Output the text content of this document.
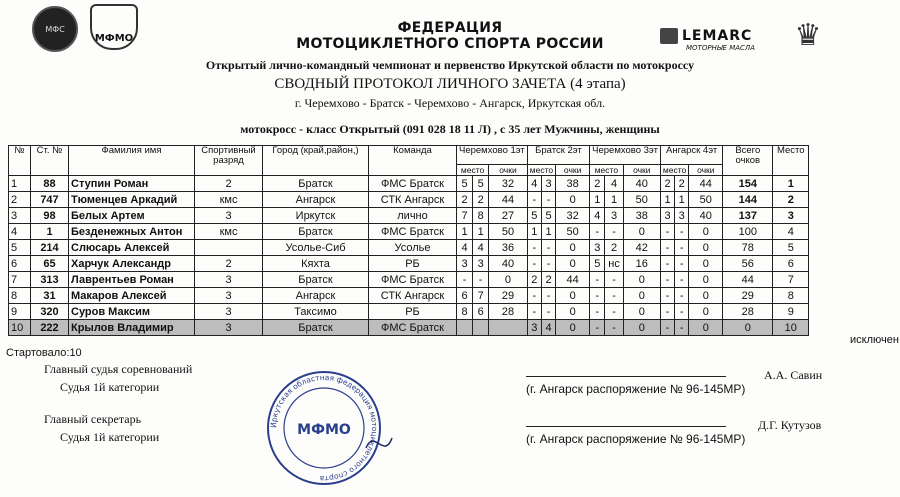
МФС
МФМО
ФЕДЕРАЦИЯ
МОТОЦИКЛЕТНОГО СПОРТА РОССИИ	LEMARC
МОТОРНЫЕ МАСЛА ♛
Открытый лично-командный чемпионат и первенство Иркутской области по мотокроссу
СВОДНЫЙ ПРОТОКОЛ ЛИЧНОГО ЗАЧЕТА (4 этапа)
г. Черемхово - Братск - Черемхово - Ангарск, Иркутская обл.
мотокросс - класс Открытый (091 028 18 11 Л) , с 35 лет Мужчины, женщины
№	Ст. №	Фамилия имя	Спортивный разряд	Город (край,район,)	Команда	Черемхово 1эт			Братск 2эт			Черемхово 3эт			Ангарск 4эт			Всего очков	Место
						место		очки	место		очки	место		очки	место		очки		
1	88	Ступин Роман	2	Братск	ФМС Братск	5	5	32	4	3	38	2	4	40	2	2	44	154	1
2	747	Тюменцев Аркадий	кмс	Ангарск	СТК Ангарск	2	2	44	-	-	0	1	1	50	1	1	50	144	2
3	98	Белых Артем	3	Иркутск	лично	7	8	27	5	5	32	4	3	38	3	3	40	137	3
4	1	Безденежных Антон	кмс	Братск	ФМС Братск	1	1	50	1	1	50	-	-	0	-	-	0	100	4
5	214	Слюсарь Алексей		Усолье-Сиб	Усолье	4	4	36	-	-	0	3	2	42	-	-	0	78	5
6	65	Харчук Александр	2	Кяхта	РБ	3	3	40	-	-	0	5	нс	16	-	-	0	56	6
7	313	Лаврентьев Роман	3	Братск	ФМС Братск	-	-	0	2	2	44	-	-	0	-	-	0	44	7
8	31	Макаров Алексей	3	Ангарск	СТК Ангарск	6	7	29	-	-	0	-	-	0	-	-	0	29	8
9	320	Суров Максим	3	Таксимо	РБ	8	6	28	-	-	0	-	-	0	-	-	0	28	9
10	222	Крылов Владимир	3	Братск	ФМС Братск				3	4	0	-	-	0	-	-	0	0	10
Стартовало:10
исключен
Главный судья соревнований
Судья 1й категории	(г. Ангарск распоряжение № 96-145МР)
А.А. Савин
Главный секретарь
Судья 1й категории	(г. Ангарск распоряжение № 96-145МР)
Д.Г. Кутузов
Иркутская областная федерация мотоциклетного спорта
МФМО
